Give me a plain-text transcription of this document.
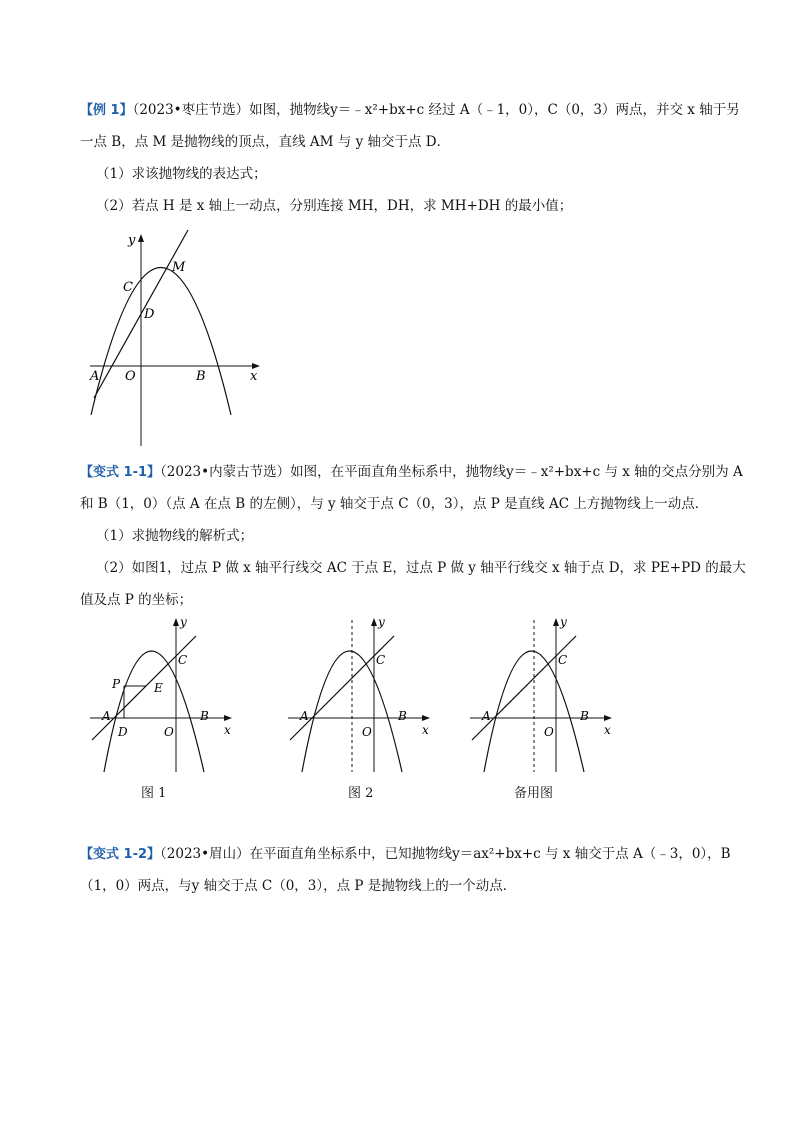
【例 1】（2023•枣庄节选）如图，抛物线y＝﹣x²+bx+c 经过 A（﹣1，0），C（0，3）两点，并交 x 轴于另
一点 B，点 M 是抛物线的顶点，直线 AM 与 y 轴交于点 D．
（1）求该抛物线的表达式；
（2）若点 H 是 x 轴上一动点，分别连接 MH，DH，求 MH+DH 的最小值；
y
M
C
D
A O	B	x
【变式 1-1】（2023•内蒙古节选）如图，在平面直角坐标系中，抛物线y＝﹣x²+bx+c 与 x 轴的交点分别为 A
和 B（1，0）（点 A 在点 B 的左侧），与 y 轴交于点 C（0，3），点 P 是直线 AC 上方抛物线上一动点．
（1）求抛物线的解析式；
（2）如图1，过点 P 做 x 轴平行线交 AC 于点 E，过点 P 做 y 轴平行线交 x 轴于点 D，求 PE+PD 的最大
值及点 P 的坐标；
y
C
P	E
A	B
D	O	x
y
C
A	B
O	x
y
C
A	B
O	x
图 1	图 2	备用图
【变式 1-2】（2023•眉山）在平面直角坐标系中，已知抛物线y＝ax²+bx+c 与 x 轴交于点 A（﹣3，0），B
（1，0）两点，与y 轴交于点 C（0，3），点 P 是抛物线上的一个动点．
